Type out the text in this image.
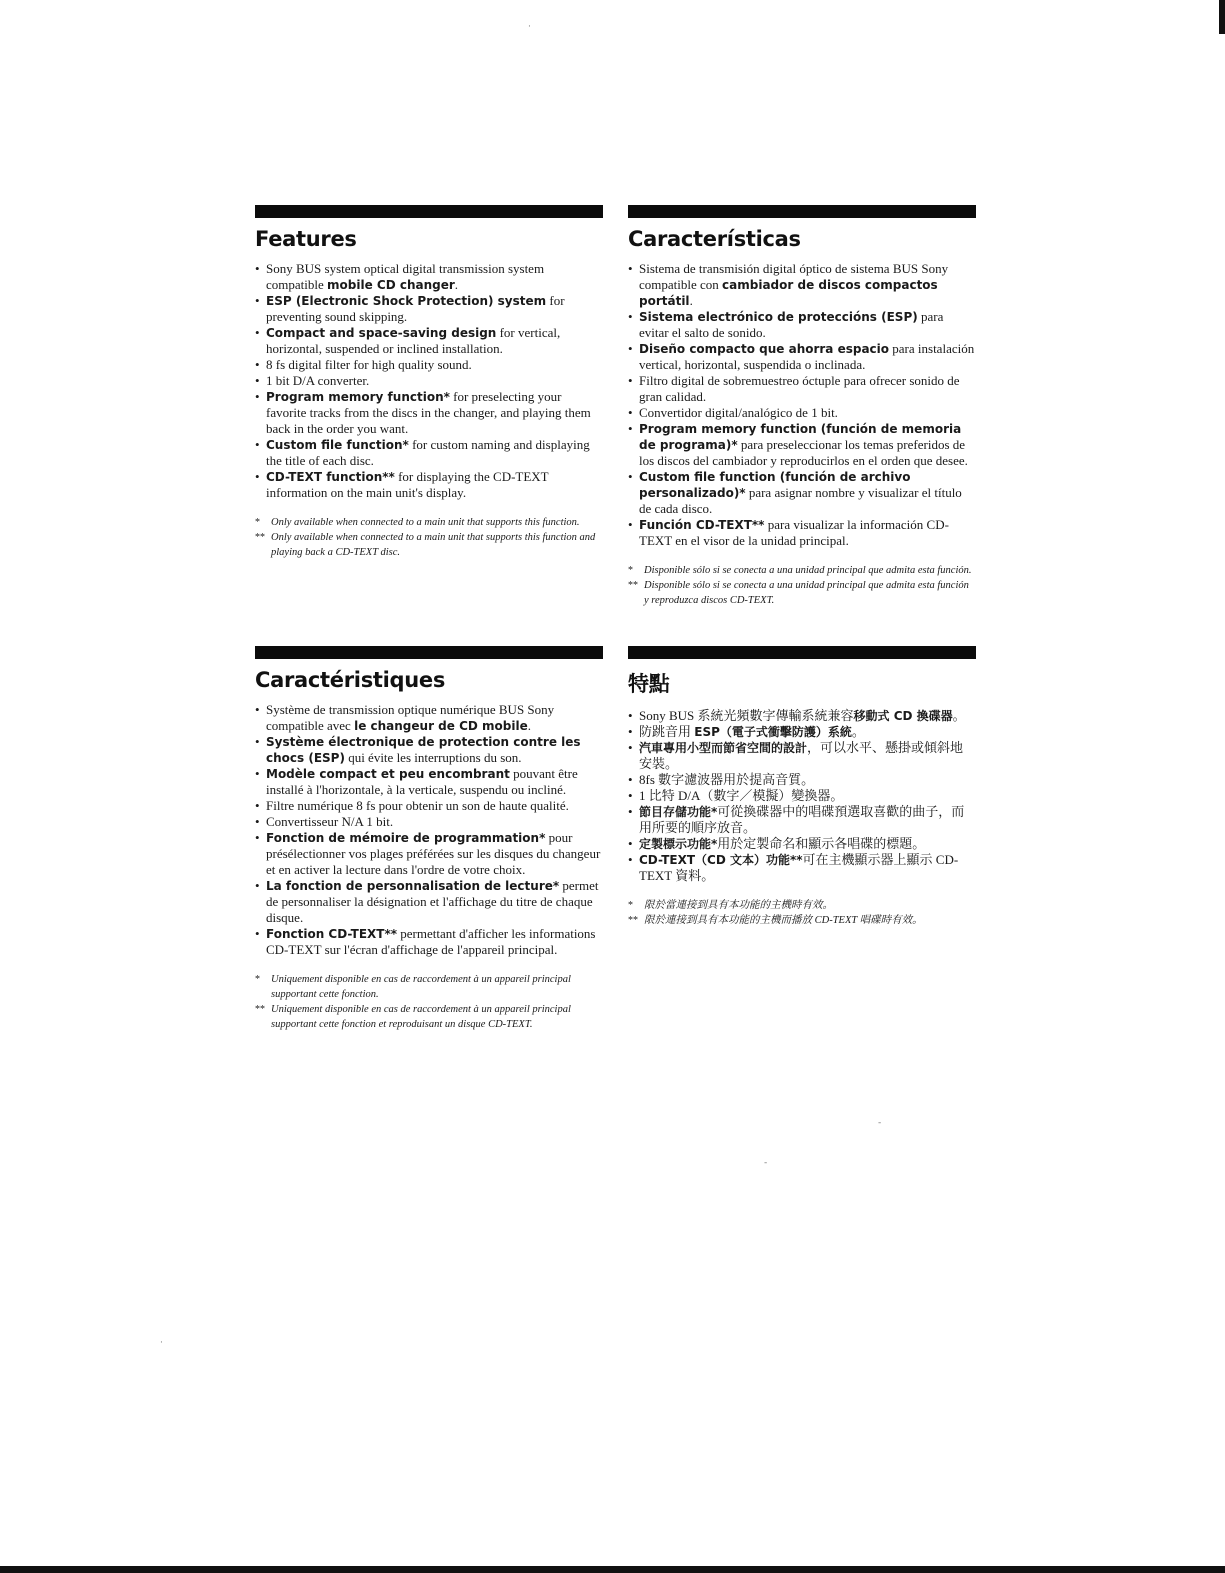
Features
• Sony BUS system optical digital transmission system compatible mobile CD changer.
• ESP (Electronic Shock Protection) system for preventing sound skipping.
• Compact and space-saving design for vertical, horizontal, suspended or inclined installation.
• 8 fs digital filter for high quality sound.
• 1 bit D/A converter.
• Program memory function* for preselecting your favorite tracks from the discs in the changer, and playing them back in the order you want.
• Custom file function* for custom naming and displaying the title of each disc.
• CD-TEXT function** for displaying the CD-TEXT information on the main unit's display.
* Only available when connected to a main unit that supports this function.
** Only available when connected to a main unit that supports this function and playing back a CD-TEXT disc.
Características
• Sistema de transmisión digital óptico de sistema BUS Sony compatible con cambiador de discos compactos portátil.
• Sistema electrónico de proteccións (ESP) para evitar el salto de sonido.
• Diseño compacto que ahorra espacio para instalación vertical, horizontal, suspendida o inclinada.
• Filtro digital de sobremuestreo óctuple para ofrecer sonido de gran calidad.
• Convertidor digital/analógico de 1 bit.
• Program memory function (función de memoria de programa)* para preseleccionar los temas preferidos de los discos del cambiador y reproducirlos en el orden que desee.
• Custom file function (función de archivo personalizado)* para asignar nombre y visualizar el título de cada disco.
• Función CD-TEXT** para visualizar la información CD-TEXT en el visor de la unidad principal.
* Disponible sólo si se conecta a una unidad principal que admita esta función.
** Disponible sólo si se conecta a una unidad principal que admita esta función y reproduzca discos CD-TEXT.
Caractéristiques
• Système de transmission optique numérique BUS Sony compatible avec le changeur de CD mobile.
• Système électronique de protection contre les chocs (ESP) qui évite les interruptions du son.
• Modèle compact et peu encombrant pouvant être installé à l'horizontale, à la verticale, suspendu ou incliné.
• Filtre numérique 8 fs pour obtenir un son de haute qualité.
• Convertisseur N/A 1 bit.
• Fonction de mémoire de programmation* pour présélectionner vos plages préférées sur les disques du changeur et en activer la lecture dans l'ordre de votre choix.
• La fonction de personnalisation de lecture* permet de personnaliser la désignation et l'affichage du titre de chaque disque.
• Fonction CD-TEXT** permettant d'afficher les informations CD-TEXT sur l'écran d'affichage de l'appareil principal.
* Uniquement disponible en cas de raccordement à un appareil principal supportant cette fonction.
** Uniquement disponible en cas de raccordement à un appareil principal supportant cette fonction et reproduisant un disque CD-TEXT.
特點
• Sony BUS 系統光頻數字傳輸系統兼容移動式 CD 換碟器。
• 防跳音用 ESP（電子式衝擊防護）系統。
• 汽車專用小型而節省空間的設計，可以水平、懸掛或傾斜地安裝。
• 8fs 數字濾波器用於提高音質。
• 1 比特 D/A（數字／模擬）變換器。
• 節目存儲功能*可從換碟器中的唱碟預選取喜歡的曲子，而用所要的順序放音。
• 定製標示功能*用於定製命名和顯示各唱碟的標題。
• CD-TEXT（CD 文本）功能**可在主機顯示器上顯示 CD-TEXT 資料。
* 限於當連接到具有本功能的主機時有效。
** 限於連接到具有本功能的主機而播放 CD-TEXT 唱碟時有效。
·
-
-
·
